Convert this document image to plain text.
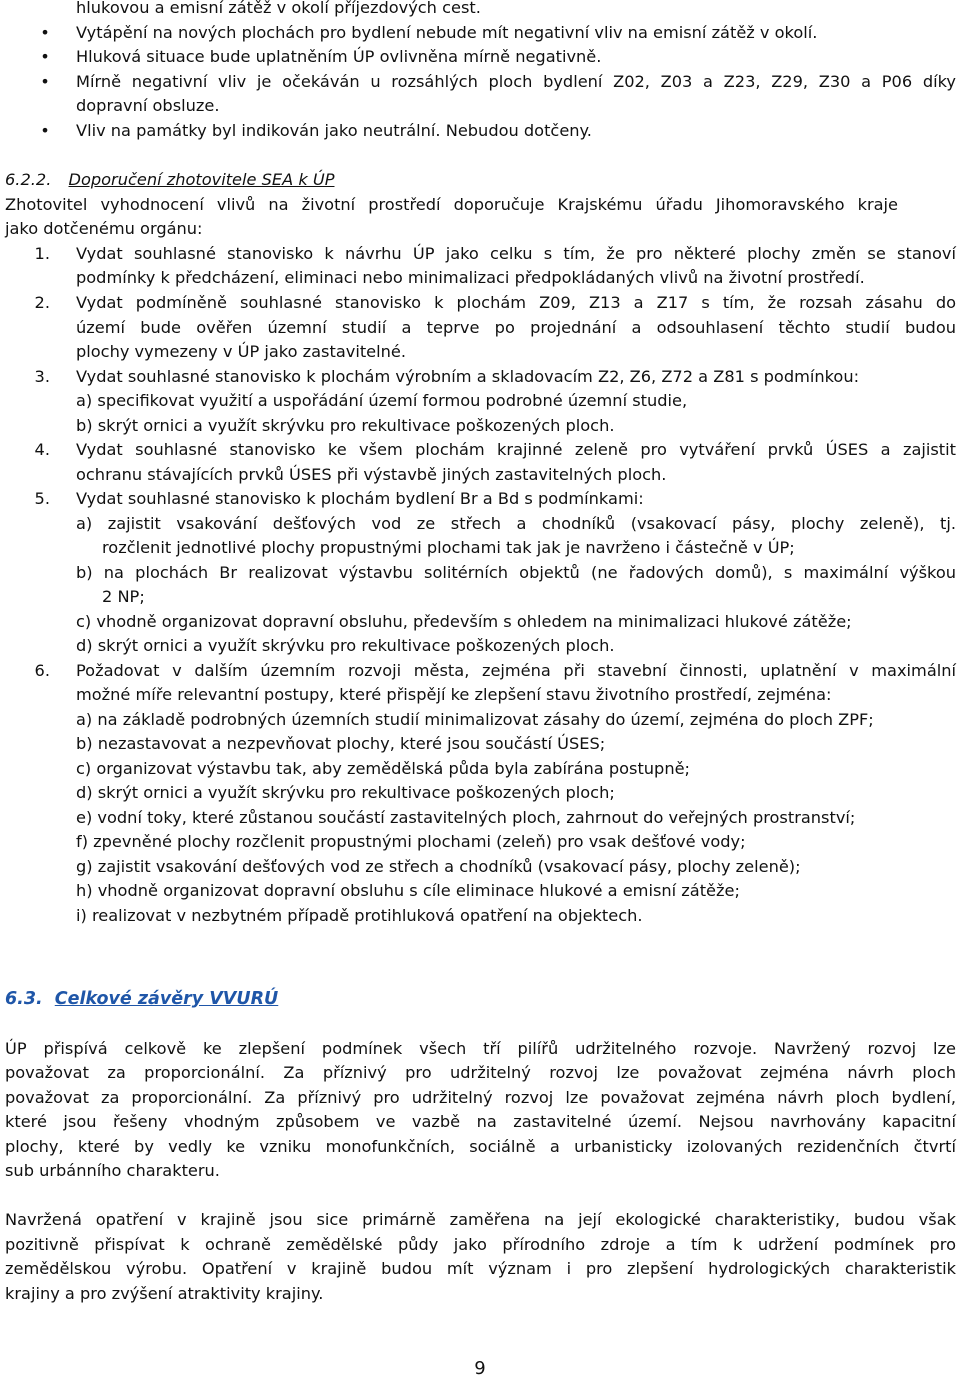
hlukovou a emisní zátěž v okolí příjezdových cest.
• Vytápění na nových plochách pro bydlení nebude mít negativní vliv na emisní zátěž v okolí.
• Hluková situace bude uplatněním ÚP ovlivněna mírně negativně.
• Mírně negativní vliv je očekáván u rozsáhlých ploch bydlení Z02, Z03 a Z23, Z29, Z30 a P06 díky
dopravní obsluze.
• Vliv na památky byl indikován jako neutrální. Nebudou dotčeny.
6.2.2. Doporučení zhotovitele SEA k ÚP
Zhotovitel vyhodnocení vlivů na životní prostředí doporučuje Krajskému úřadu Jihomoravského kraje
jako dotčenému orgánu:
1. Vydat souhlasné stanovisko k návrhu ÚP jako celku s tím, že pro některé plochy změn se stanoví
podmínky k předcházení, eliminaci nebo minimalizaci předpokládaných vlivů na životní prostředí.
2. Vydat podmíněně souhlasné stanovisko k plochám Z09, Z13 a Z17 s tím, že rozsah zásahu do
území bude ověřen územní studií a teprve po projednání a odsouhlasení těchto studií budou
plochy vymezeny v ÚP jako zastavitelné.
3. Vydat souhlasné stanovisko k plochám výrobním a skladovacím Z2, Z6, Z72 a Z81 s podmínkou:
a) specifikovat využití a uspořádání území formou podrobné územní studie,
b) skrýt ornici a využít skrývku pro rekultivace poškozených ploch.
4. Vydat souhlasné stanovisko ke všem plochám krajinné zeleně pro vytváření prvků ÚSES a zajistit
ochranu stávajících prvků ÚSES při výstavbě jiných zastavitelných ploch.
5. Vydat souhlasné stanovisko k plochám bydlení Br a Bd s podmínkami:
a) zajistit vsakování dešťových vod ze střech a chodníků (vsakovací pásy, plochy zeleně), tj.
rozčlenit jednotlivé plochy propustnými plochami tak jak je navrženo i částečně v ÚP;
b) na plochách Br realizovat výstavbu solitérních objektů (ne řadových domů), s maximální výškou
2 NP;
c) vhodně organizovat dopravní obsluhu, především s ohledem na minimalizaci hlukové zátěže;
d) skrýt ornici a využít skrývku pro rekultivace poškozených ploch.
6. Požadovat v dalším územním rozvoji města, zejména při stavební činnosti, uplatnění v maximální
možné míře relevantní postupy, které přispějí ke zlepšení stavu životního prostředí, zejména:
a) na základě podrobných územních studií minimalizovat zásahy do území, zejména do ploch ZPF;
b) nezastavovat a nezpevňovat plochy, které jsou součástí ÚSES;
c) organizovat výstavbu tak, aby zemědělská půda byla zabírána postupně;
d) skrýt ornici a využít skrývku pro rekultivace poškozených ploch;
e) vodní toky, které zůstanou součástí zastavitelných ploch, zahrnout do veřejných prostranství;
f) zpevněné plochy rozčlenit propustnými plochami (zeleň) pro vsak dešťové vody;
g) zajistit vsakování dešťových vod ze střech a chodníků (vsakovací pásy, plochy zeleně);
h) vhodně organizovat dopravní obsluhu s cíle eliminace hlukové a emisní zátěže;
i) realizovat v nezbytném případě protihluková opatření na objektech.
6.3. Celkové závěry VVURÚ
ÚP přispívá celkově ke zlepšení podmínek všech tří pilířů udržitelného rozvoje. Navržený rozvoj lze
považovat za proporcionální. Za příznivý pro udržitelný rozvoj lze považovat zejména návrh ploch
považovat za proporcionální. Za příznivý pro udržitelný rozvoj lze považovat zejména návrh ploch bydlení,
které jsou řešeny vhodným způsobem ve vazbě na zastavitelné území. Nejsou navrhovány kapacitní
plochy, které by vedly ke vzniku monofunkčních, sociálně a urbanisticky izolovaných rezidenčních čtvrtí
sub urbánního charakteru.
Navržená opatření v krajině jsou sice primárně zaměřena na její ekologické charakteristiky, budou však
pozitivně přispívat k ochraně zemědělské půdy jako přírodního zdroje a tím k udržení podmínek pro
zemědělskou výrobu. Opatření v krajině budou mít význam i pro zlepšení hydrologických charakteristik
krajiny a pro zvýšení atraktivity krajiny.
9
